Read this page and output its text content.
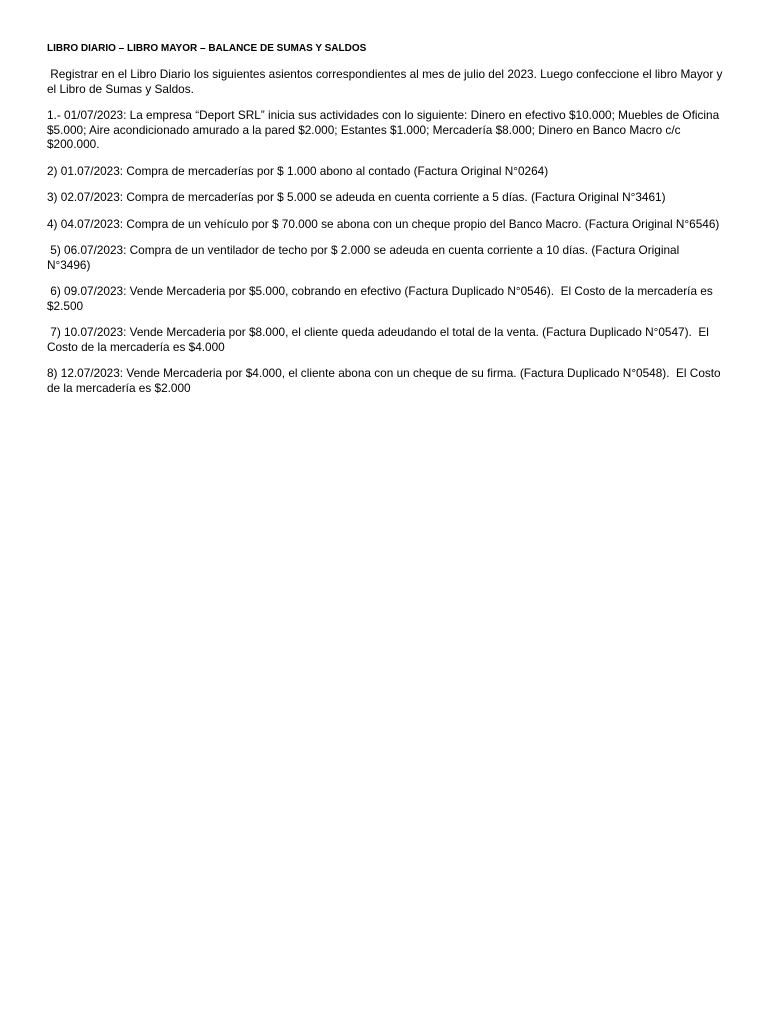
LIBRO DIARIO – LIBRO MAYOR – BALANCE DE SUMAS Y SALDOS

Registrar en el Libro Diario los siguientes asientos correspondientes al mes de julio del 2023. Luego confeccione el libro Mayor y el Libro de Sumas y Saldos.

1.- 01/07/2023: La empresa “Deport SRL” inicia sus actividades con lo siguiente: Dinero en efectivo $10.000; Muebles de Oficina $5.000; Aire acondicionado amurado a la pared $2.000; Estantes $1.000; Mercadería $8.000; Dinero en Banco Macro c/c $200.000.

2) 01.07/2023: Compra de mercaderías por $ 1.000 abono al contado (Factura Original N°0264)

3) 02.07/2023: Compra de mercaderías por $ 5.000 se adeuda en cuenta corriente a 5 días. (Factura Original N°3461)

4) 04.07/2023: Compra de un vehículo por $ 70.000 se abona con un cheque propio del Banco Macro. (Factura Original N°6546)

5) 06.07/2023: Compra de un ventilador de techo por $ 2.000 se adeuda en cuenta corriente a 10 días. (Factura Original N°3496)

6) 09.07/2023: Vende Mercaderia por $5.000, cobrando en efectivo (Factura Duplicado N°0546).  El Costo de la mercadería es $2.500

7) 10.07/2023: Vende Mercaderia por $8.000, el cliente queda adeudando el total de la venta. (Factura Duplicado N°0547).  El Costo de la mercadería es $4.000

8) 12.07/2023: Vende Mercaderia por $4.000, el cliente abona con un cheque de su firma. (Factura Duplicado N°0548).  El Costo de la mercadería es $2.000
